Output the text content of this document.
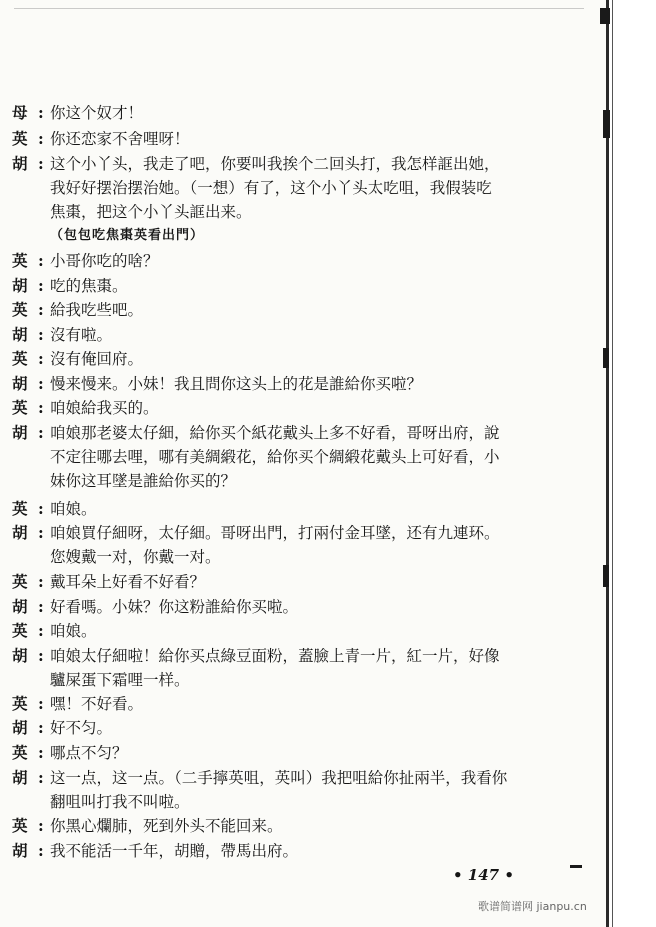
母 : 你这个奴才！
英 : 你还恋家不舍哩呀！
胡 : 这个小丫头，我走了吧，你要叫我挨个二回头打，我怎样誆出她，
我好好摆治摆治她。（一想）有了，这个小丫头太吃咀，我假装吃
焦棗，把这个小丫头誆出来。
（包包吃焦棗英看出門）
英 : 小哥你吃的啥？
胡 : 吃的焦棗。
英 : 給我吃些吧。
胡 : 沒有啦。
英 : 沒有俺回府。
胡 : 慢来慢来。小妹！我且問你这头上的花是誰給你买啦？
英 : 咱娘給我买的。
胡 : 咱娘那老婆太仔細，給你买个紙花戴头上多不好看，哥呀出府，說
不定往哪去哩，哪有美綢緞花，給你买个綢緞花戴头上可好看，小
妹你这耳墜是誰給你买的？
英 : 咱娘。
胡 : 咱娘買仔細呀，太仔細。哥呀出門，打兩付金耳墜，还有九連环。
您嫂戴一对，你戴一对。
英 : 戴耳朵上好看不好看？
胡 : 好看嗎。小妹？你这粉誰給你买啦。
英 : 咱娘。
胡 : 咱娘太仔細啦！給你买点綠豆面粉，蓋臉上青一片，紅一片，好像
驢屎蛋下霜哩一样。
英 : 嘿！不好看。
胡 : 好不匀。
英 : 哪点不匀？
胡 : 这一点，这一点。（二手擰英咀，英叫）我把咀給你扯兩半，我看你
翻咀叫打我不叫啦。
英 : 你黑心爛肺，死到外头不能回来。
胡 : 我不能活一千年，胡贈，帶馬出府。
• 147 •
歌谱简谱网 jianpu.cn
